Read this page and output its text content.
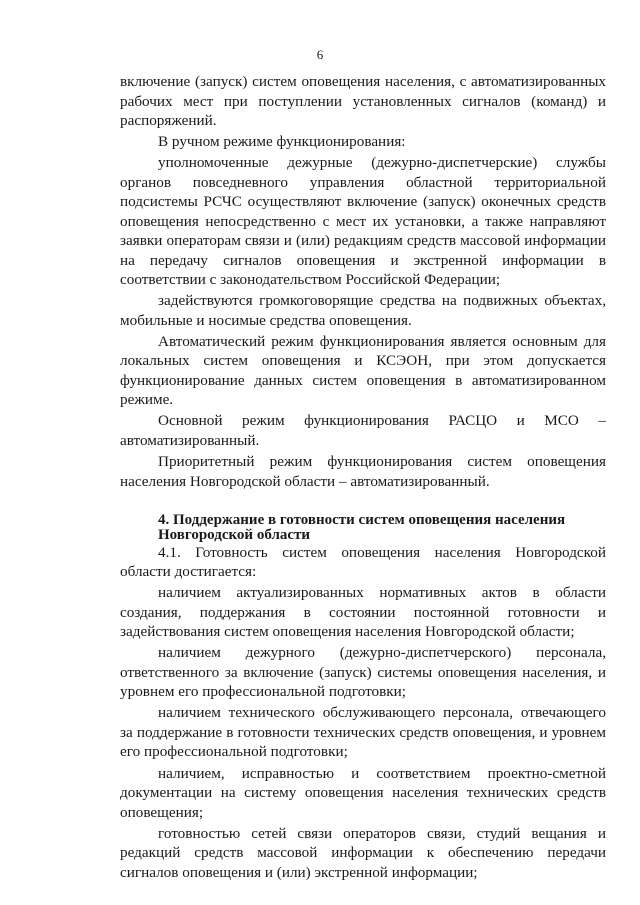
6

включение (запуск) систем оповещения населения, с автоматизированных рабочих мест при поступлении установленных сигналов (команд) и распоряжений.

В ручном режиме функционирования:

уполномоченные дежурные (дежурно-диспетчерские) службы органов повседневного управления областной территориальной подсистемы РСЧС осуществляют включение (запуск) оконечных средств оповещения непосредственно с мест их установки, а также направляют заявки операторам связи и (или) редакциям средств массовой информации на передачу сигналов оповещения и экстренной информации в соответствии с законодательством Российской Федерации;

задействуются громкоговорящие средства на подвижных объектах, мобильные и носимые средства оповещения.

Автоматический режим функционирования является основным для локальных систем оповещения и КСЭОН, при этом допускается функционирование данных систем оповещения в автоматизированном режиме.

Основной режим функционирования РАСЦО и МСО – автоматизированный.

Приоритетный режим функционирования систем оповещения населения Новгородской области – автоматизированный.

4. Поддержание в готовности систем оповещения населения

Новгородской области

4.1. Готовность систем оповещения населения Новгородской области достигается:

наличием актуализированных нормативных актов в области создания, поддержания в состоянии постоянной готовности и задействования систем оповещения населения Новгородской области;

наличием дежурного (дежурно-диспетчерского) персонала, ответственного за включение (запуск) системы оповещения населения, и уровнем его профессиональной подготовки;

наличием технического обслуживающего персонала, отвечающего за поддержание в готовности технических средств оповещения, и уровнем его профессиональной подготовки;

наличием, исправностью и соответствием проектно-сметной документации на систему оповещения населения технических средств оповещения;

готовностью сетей связи операторов связи, студий вещания и редакций средств массовой информации к обеспечению передачи сигналов оповещения и (или) экстренной информации;
